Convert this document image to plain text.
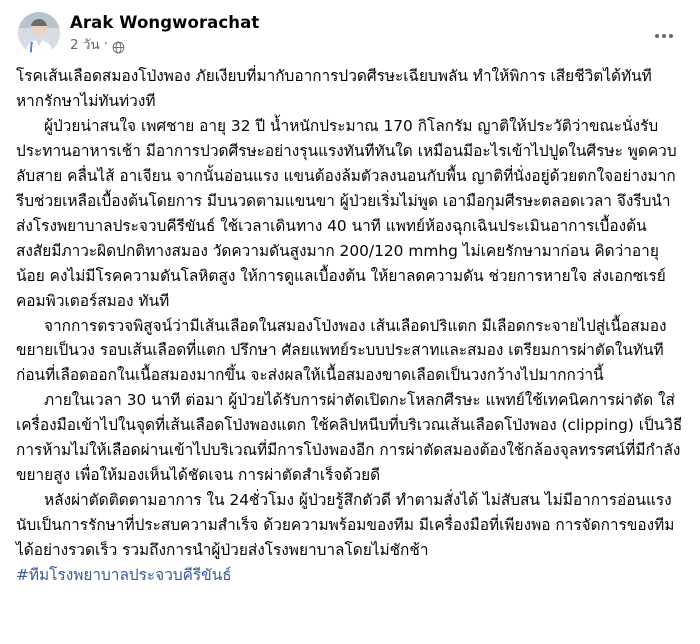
Arak Wongworachat
2 วัน ·
โรคเส้นเลือดสมองโป่งพอง ภัยเงียบที่มากับอาการปวดศีรษะเฉียบพลัน ทำให้พิการ เสียชีวิตได้ทันที หากรักษาไม่ทันท่วงที
ผู้ป่วยน่าสนใจ เพศชาย อายุ 32 ปี น้ำหนักประมาณ 170 กิโลกรัม ญาติให้ประวัติว่าขณะนั่งรับประทานอาหารเช้า มีอาการปวดศีรษะอย่างรุนแรงทันทีทันใด เหมือนมีอะไรเข้าไปปูดในศีรษะ พูดควบลับสาย คลื่นไส้ อาเจียน จากนั้นอ่อนแรง แขนต้องล้มตัวลงนอนกับพื้น ญาติที่นั่งอยู่ด้วยตกใจอย่างมาก รีบช่วยเหลือเบื้องต้นโดยการ มีบนวดตามแขนขา ผู้ป่วยเริ่มไม่พูด เอามือกุมศีรษะตลอดเวลา จึงรีบนำส่งโรงพยาบาลประจวบคีรีขันธ์ ใช้เวลาเดินทาง 40 นาที แพทย์ห้องฉุกเฉินประเมินอาการเบื้องต้น สงสัยมีภาวะผิดปกติทางสมอง วัดความดันสูงมาก 200/120 mmhg ไม่เคยรักษามาก่อน คิดว่าอายุน้อย คงไม่มีโรคความดันโลหิตสูง ให้การดูแลเบื้องต้น ให้ยาลดความดัน ช่วยการหายใจ ส่งเอกซเรย์คอมพิวเตอร์สมอง ทันที
จากการตรวจพิสูจน์ว่ามีเส้นเลือดในสมองโป่งพอง เส้นเลือดปริแตก มีเลือดกระจายไปสู่เนื้อสมอง ขยายเป็นวง รอบเส้นเลือดที่แตก ปรึกษา ศัลยแพทย์ระบบประสาทและสมอง เตรียมการผ่าตัดในทันที ก่อนที่เลือดออกในเนื้อสมองมากขึ้น จะส่งผลให้เนื้อสมองขาดเลือดเป็นวงกว้างไปมากกว่านี้
ภายในเวลา 30 นาที ต่อมา ผู้ป่วยได้รับการผ่าตัดเปิดกะโหลกศีรษะ แพทย์ใช้เทคนิคการผ่าตัด ใส่เครื่องมือเข้าไปในจุดที่เส้นเลือดโป่งพองแตก ใช้คลิปหนีบที่บริเวณเส้นเลือดโป่งพอง (clipping) เป็นวิธีการห้ามไม่ให้เลือดผ่านเข้าไปบริเวณที่มีการโป่งพองอีก การผ่าตัดสมองต้องใช้กล้องจุลทรรศน์ที่มีกำลังขยายสูง เพื่อให้มองเห็นได้ชัดเจน การผ่าตัดสำเร็จด้วยดี
หลังผ่าตัดติดตามอาการ ใน 24ชั่วโมง ผู้ป่วยรู้สึกตัวดี ทำตามสั่งได้ ไม่สับสน ไม่มีอาการอ่อนแรง
นับเป็นการรักษาที่ประสบความสำเร็จ ด้วยความพร้อมของทีม มีเครื่องมือที่เพียงพอ การจัดการของทีมได้อย่างรวดเร็ว รวมถึงการนำผู้ป่วยส่งโรงพยาบาลโดยไม่ชักช้า
#ทีมโรงพยาบาลประจวบคีรีขันธ์
